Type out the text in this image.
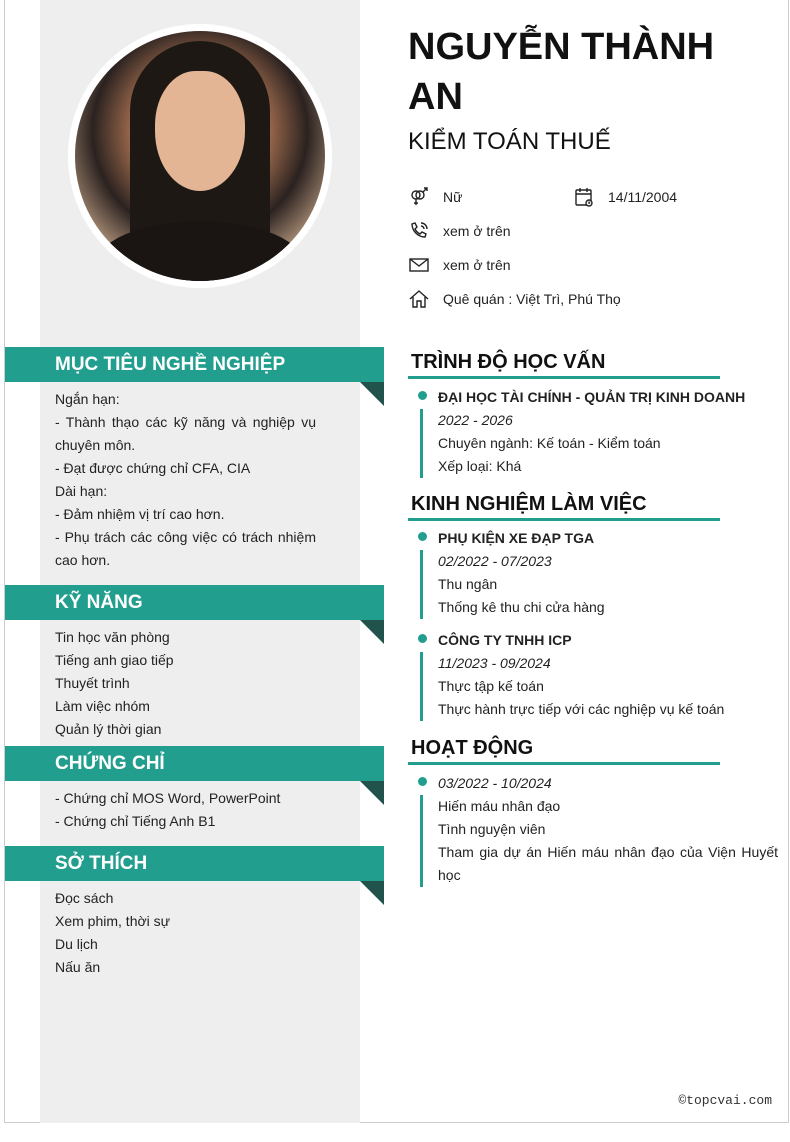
MỤC TIÊU NGHỀ NGHIỆP
Ngắn hạn:
- Thành thạo các kỹ năng và nghiệp vụ chuyên môn.
- Đạt được chứng chỉ CFA, CIA
Dài hạn:
- Đảm nhiệm vị trí cao hơn.
- Phụ trách các công việc có trách nhiệm cao hơn.
KỸ NĂNG
Tin học văn phòng
Tiếng anh giao tiếp
Thuyết trình
Làm việc nhóm
Quản lý thời gian
CHỨNG CHỈ
- Chứng chỉ MOS Word, PowerPoint
- Chứng chỉ Tiếng Anh B1
SỞ THÍCH
Đọc sách
Xem phim, thời sự
Du lịch
Nấu ăn
NGUYỄN THÀNH AN
KIỂM TOÁN THUẾ
Nữ	14/11/2004
xem ở trên
xem ở trên
Quê quán : Việt Trì, Phú Thọ
TRÌNH ĐỘ HỌC VẤN
ĐẠI HỌC TÀI CHÍNH - QUẢN TRỊ KINH DOANH
2022 - 2026
Chuyên ngành: Kế toán - Kiểm toán
Xếp loại: Khá
KINH NGHIỆM LÀM VIỆC
PHỤ KIỆN XE ĐẠP TGA
02/2022 - 07/2023
Thu ngân
Thống kê thu chi cửa hàng
CÔNG TY TNHH ICP
11/2023 - 09/2024
Thực tập kế toán
Thực hành trực tiếp với các nghiệp vụ kế toán
HOẠT ĐỘNG
03/2022 - 10/2024
Hiến máu nhân đạo
Tình nguyện viên
Tham gia dự án Hiến máu nhân đạo của Viện Huyết học
©topcvai.com
